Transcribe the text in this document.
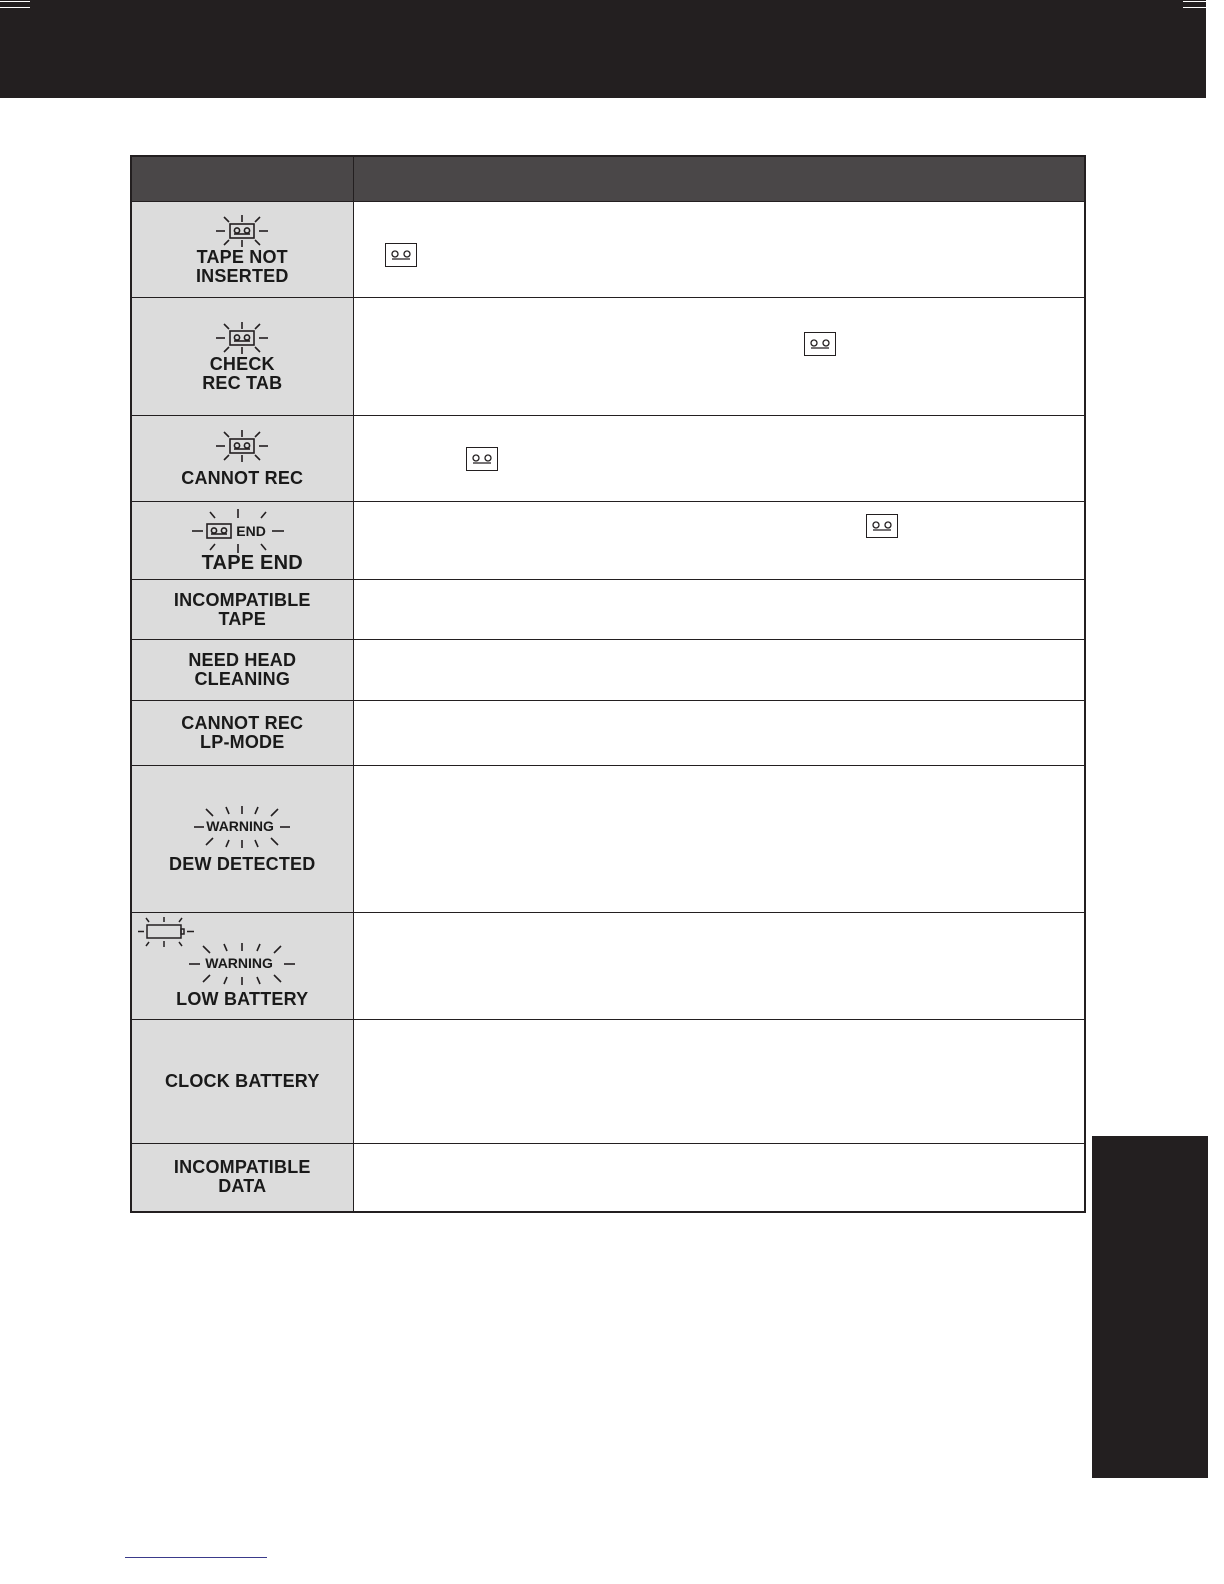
TAPE NOT
INSERTED

CHECK
REC TAB

CANNOT REC

END
TAPE END

INCOMPATIBLE
TAPE	

NEED HEAD
CLEANING	

CANNOT REC
LP-MODE	

WARNING
DEW DETECTED	

WARNING
LOW BATTERY	

CLOCK BATTERY	

INCOMPATIBLE
DATA	
